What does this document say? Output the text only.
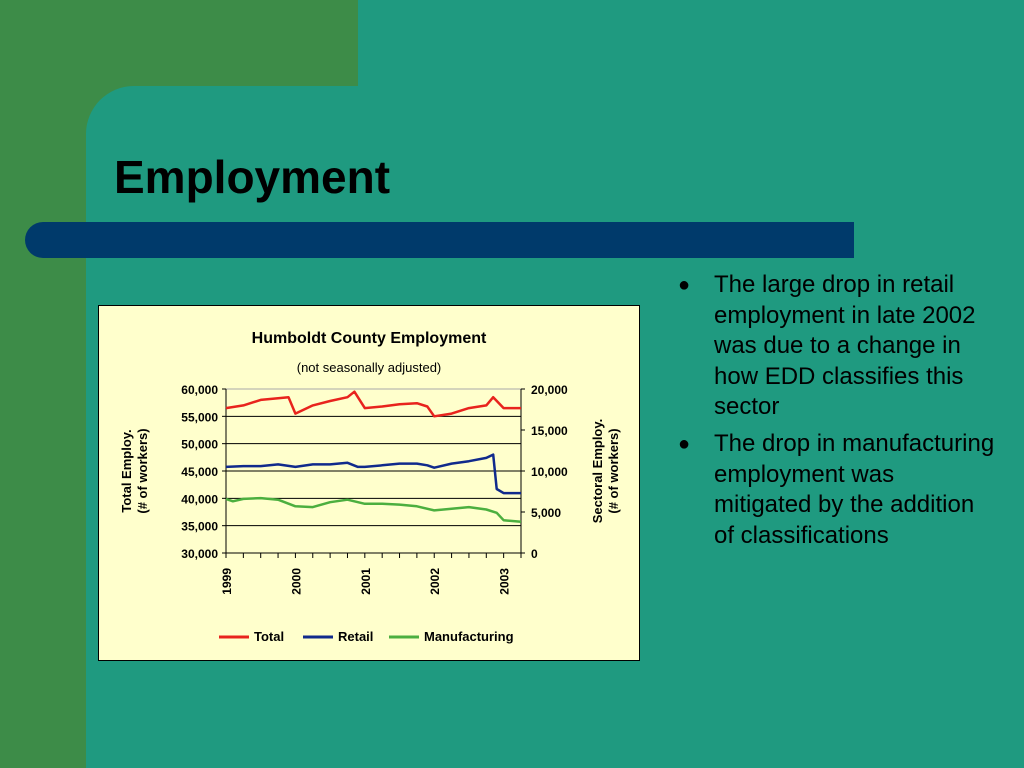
Employment
Humboldt County Employment
(not seasonally adjusted)
60,000
55,000
50,000
45,000
40,000
35,000
30,000
20,000
15,000
10,000
5,000
0
1999	2000	2001	2002	2003
Total Employ. (# of workers)	Sectoral Employ. (# of workers)
Total	Retail	Manufacturing
● The large drop in retail employment in late 2002 was due to a change in how EDD classifies this sector
● The drop in manufacturing employment was mitigated by the addition of classifications
